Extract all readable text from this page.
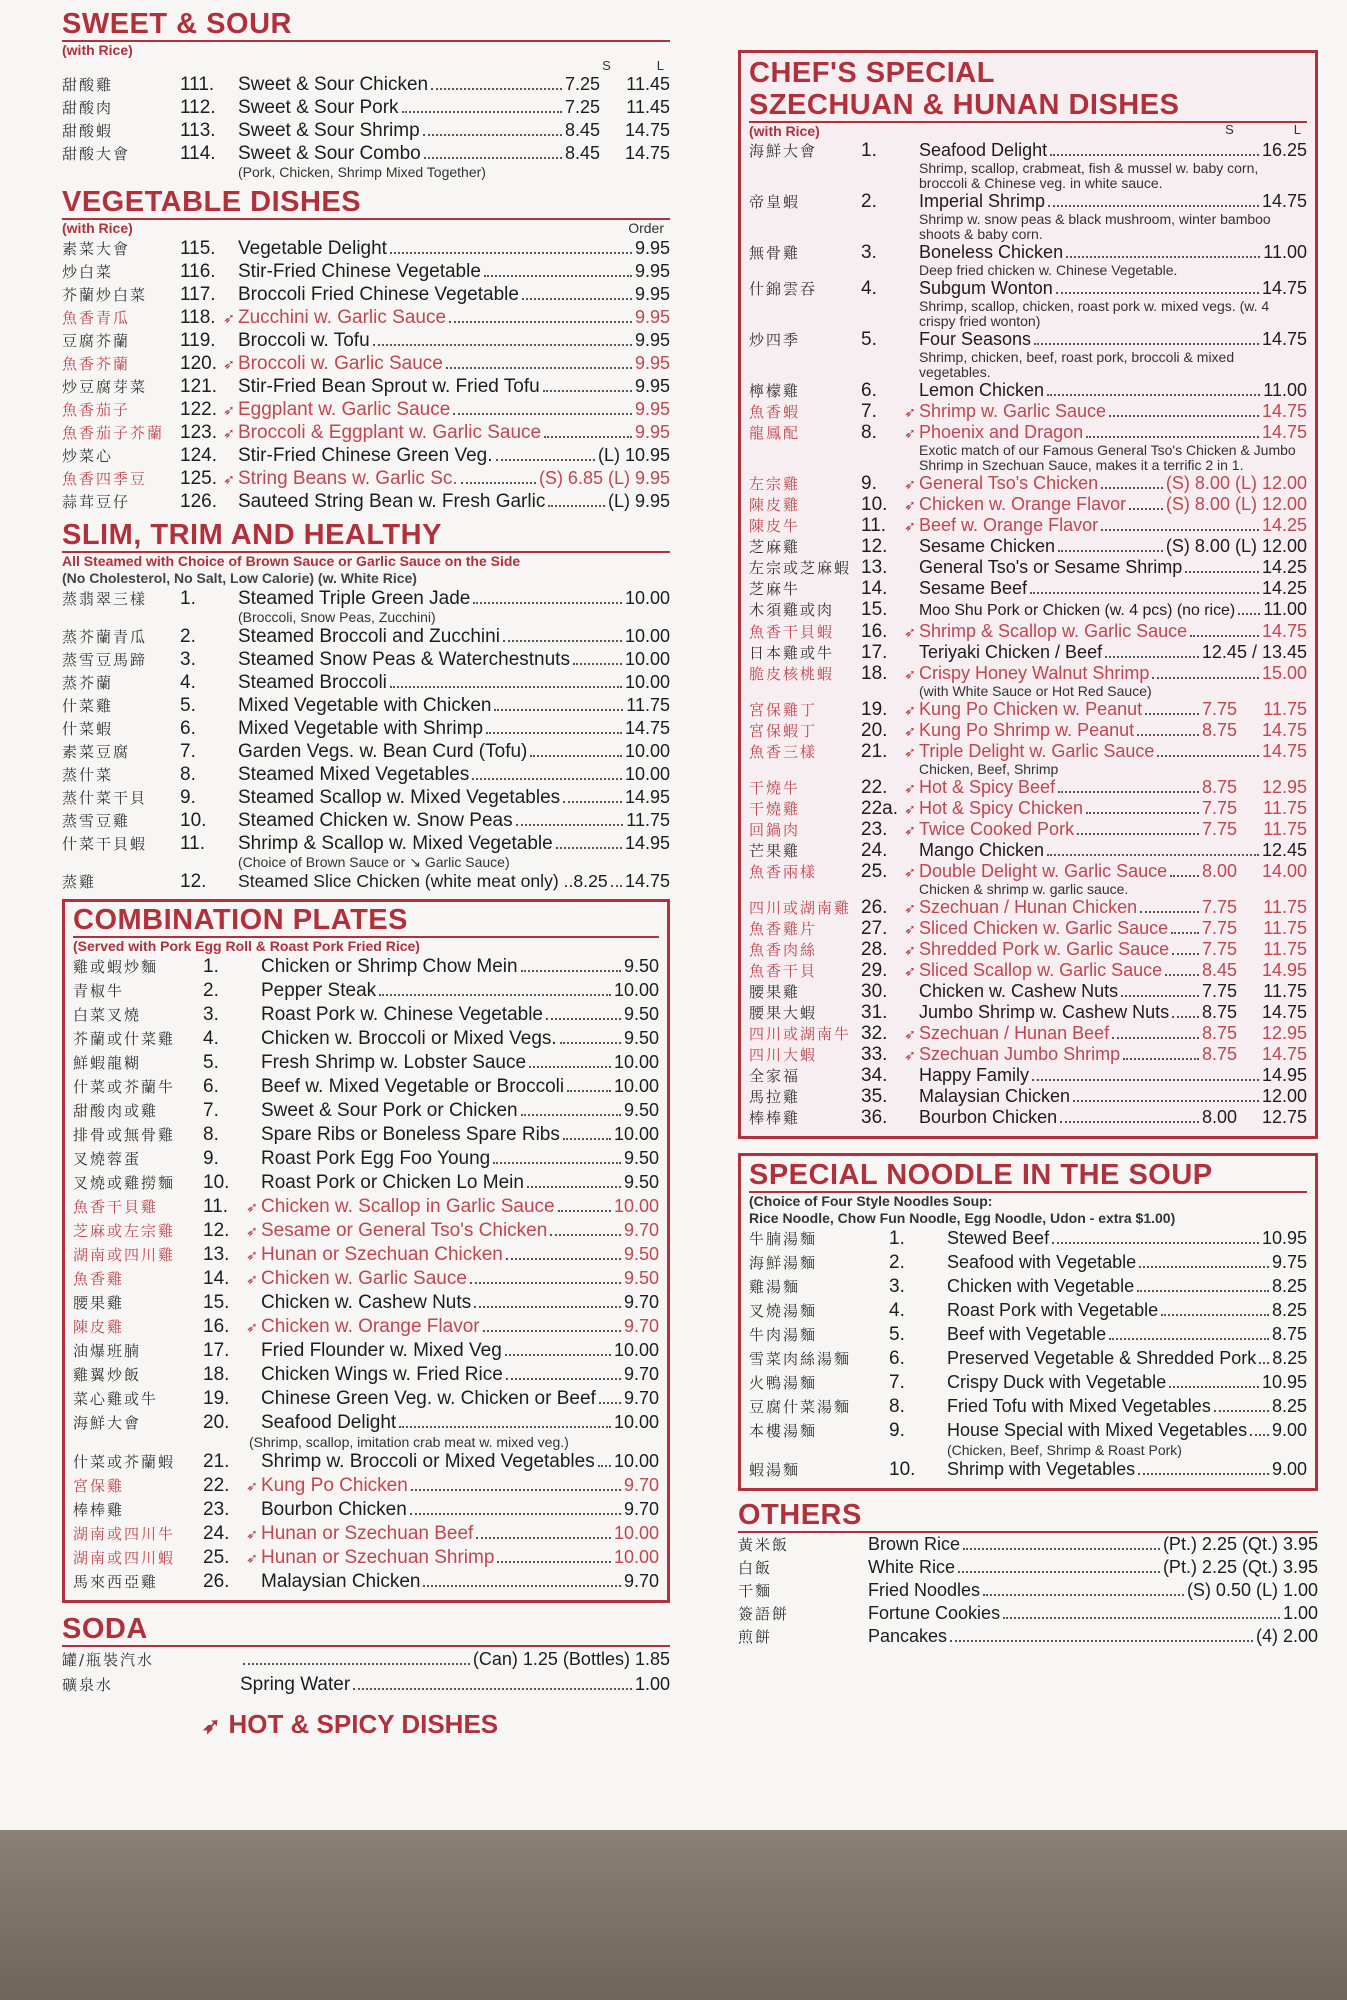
SWEET & SOUR
(with Rice)
S	L
甜酸雞	111.	Sweet & Sour Chicken	7.25	11.45
甜酸肉	112. Sweet & Sour Pork	7.25	11.45
甜酸蝦	113. Sweet & Sour Shrimp	8.45	14.75
甜酸大會	114. Sweet & Sour Combo	8.45	14.75
(Pork, Chicken, Shrimp Mixed Together)
VEGETABLE DISHES
(with Rice)	Order
素菜大會	115. Vegetable Delight	9.95
炒白菜	116. Stir-Fried Chinese Vegetable	9.95
芥蘭炒白菜	117. Broccoli Fried Chinese Vegetable	9.95
魚香青瓜	118. ➶ Zucchini w. Garlic Sauce	9.95
豆腐芥蘭	119. Broccoli w. Tofu	9.95
魚香芥蘭	120. ➶ Broccoli w. Garlic Sauce	9.95
炒豆腐芽菜	121. Stir-Fried Bean Sprout w. Fried Tofu	9.95
魚香茄子	122. ➶ Eggplant w. Garlic Sauce	9.95
魚香茄子芥蘭 123. ➶ Broccoli & Eggplant w. Garlic Sauce	9.95
炒菜心	124. Stir-Fried Chinese Green Veg.	(L) 10.95
魚香四季豆	125. ➶ String Beans w. Garlic Sc.	(S) 6.85 (L) 9.95
蒜茸豆仔	126. Sauteed String Bean w. Fresh Garlic	(L) 9.95
SLIM, TRIM AND HEALTHY
All Steamed with Choice of Brown Sauce or Garlic Sauce on the Side
(No Cholesterol, No Salt, Low Calorie) (w. White Rice)
蒸翡翠三樣	1.	Steamed Triple Green Jade	10.00
(Broccoli, Snow Peas, Zucchini)
蒸芥蘭青瓜	2.	Steamed Broccoli and Zucchini	10.00
蒸雪豆馬蹄	3.	Steamed Snow Peas & Waterchestnuts	10.00
蒸芥蘭	4.	Steamed Broccoli	10.00
什菜雞	5.	Mixed Vegetable with Chicken	11.75
什菜蝦	6.	Mixed Vegetable with Shrimp	14.75
素菜豆腐	7.	Garden Vegs. w. Bean Curd (Tofu)	10.00
蒸什菜	8.	Steamed Mixed Vegetables	10.00
蒸什菜干貝	9.	Steamed Scallop w. Mixed Vegetables	14.95
蒸雪豆雞	10.	Steamed Chicken w. Snow Peas	11.75
什菜干貝蝦	11.	Shrimp & Scallop w. Mixed Vegetable	14.95
(Choice of Brown Sauce or ↘ Garlic Sauce)
蒸雞	12.	Steamed Slice Chicken (white meat only) ..8.25 14.75
COMBINATION PLATES
(Served with Pork Egg Roll & Roast Pork Fried Rice)
雞或蝦炒麵	1.	Chicken or Shrimp Chow Mein	9.50
青椒牛	2.	Pepper Steak	10.00
白菜叉燒	3.	Roast Pork w. Chinese Vegetable	9.50
芥蘭或什菜雞	4.	Chicken w. Broccoli or Mixed Vegs.	9.50
鮮蝦龍糊	5.	Fresh Shrimp w. Lobster Sauce	10.00
什菜或芥蘭牛	6.	Beef w. Mixed Vegetable or Broccoli	10.00
甜酸肉或雞	7.	Sweet & Sour Pork or Chicken	9.50
排骨或無骨雞	8.	Spare Ribs or Boneless Spare Ribs	10.00
叉燒蓉蛋	9.	Roast Pork Egg Foo Young	9.50
叉燒或雞撈麵	10.	Roast Pork or Chicken Lo Mein	9.50
魚香干貝雞	11.	➶ Chicken w. Scallop in Garlic Sauce	10.00
芝麻或左宗雞	12.	➶ Sesame or General Tso's Chicken	9.70
湖南或四川雞	13.	➶ Hunan or Szechuan Chicken	9.50
魚香雞	14.	➶ Chicken w. Garlic Sauce	9.50
腰果雞	15.	Chicken w. Cashew Nuts	9.70
陳皮雞	16.	➶ Chicken w. Orange Flavor	9.70
油爆班腩	17.	Fried Flounder w. Mixed Veg	10.00
雞翼炒飯	18.	Chicken Wings w. Fried Rice	9.70
菜心雞或牛	19.	Chinese Green Veg. w. Chicken or Beef 9.70
海鮮大會	20.	Seafood Delight	10.00
(Shrimp, scallop, imitation crab meat w. mixed veg.)
什菜或芥蘭蝦	21.	Shrimp w. Broccoli or Mixed Vegetables 10.00
宮保雞	22.	➶ Kung Po Chicken	9.70
棒棒雞	23.	Bourbon Chicken	9.70
湖南或四川牛	24.	➶ Hunan or Szechuan Beef	10.00
湖南或四川蝦	25.	➶ Hunan or Szechuan Shrimp	10.00
馬來西亞雞	26.	Malaysian Chicken	9.70
SODA
罐/瓶裝汽水	(Can) 1.25 (Bottles) 1.85
礦泉水	Spring Water	1.00
➶ HOT & SPICY DISHES
CHEF'S SPECIAL
SZECHUAN & HUNAN DISHES
(with Rice)	S	L
海鮮大會	1.	Seafood Delight	16.25
Shrimp, scallop, crabmeat, fish & mussel w. baby corn, broccoli & Chinese veg. in white sauce.
帝皇蝦	2.	Imperial Shrimp	14.75
Shrimp w. snow peas & black mushroom, winter bamboo shoots & baby corn.
無骨雞	3.	Boneless Chicken	11.00
Deep fried chicken w. Chinese Vegetable.
什錦雲吞	4.	Subgum Wonton	14.75
Shrimp, scallop, chicken, roast pork w. mixed vegs. (w. 4 crispy fried wonton)
炒四季	5.	Four Seasons	14.75
Shrimp, chicken, beef, roast pork, broccoli & mixed vegetables.
檸檬雞	6.	Lemon Chicken	11.00
魚香蝦	7.	➶ Shrimp w. Garlic Sauce	14.75
龍鳳配	8.	➶ Phoenix and Dragon	14.75
Exotic match of our Famous General Tso's Chicken & Jumbo Shrimp in Szechuan Sauce, makes it a terrific 2 in 1.
左宗雞	9.	➶ General Tso's Chicken	(S) 8.00 (L) 12.00
陳皮雞	10.	➶ Chicken w. Orange Flavor (S) 8.00 (L) 12.00
陳皮牛	11.	➶ Beef w. Orange Flavor	14.25
芝麻雞	12.	Sesame Chicken	(S) 8.00 (L) 12.00
左宗或芝麻蝦 13.	General Tso's or Sesame Shrimp	14.25
芝麻牛	14.	Sesame Beef	14.25
木須雞或肉	15.	Moo Shu Pork or Chicken (w. 4 pcs) (no rice) 11.00
魚香干貝蝦	16.	➶ Shrimp & Scallop w. Garlic Sauce	14.75
日本雞或牛	17.	Teriyaki Chicken / Beef	12.45 / 13.45
脆皮核桃蝦	18.	➶ Crispy Honey Walnut Shrimp	15.00
(with White Sauce or Hot Red Sauce)
宮保雞丁	19.	➶ Kung Po Chicken w. Peanut	7.75	11.75
宮保蝦丁	20.	➶ Kung Po Shrimp w. Peanut	8.75	14.75
魚香三樣	21.	➶ Triple Delight w. Garlic Sauce	14.75
Chicken, Beef, Shrimp
干燒牛	22.	➶ Hot & Spicy Beef	8.75	12.95
干燒雞	22a. ➶ Hot & Spicy Chicken	7.75	11.75
回鍋肉	23.	➶ Twice Cooked Pork	7.75	11.75
芒果雞	24.	Mango Chicken	12.45
魚香兩樣	25.	➶ Double Delight w. Garlic Sauce 8.00	14.00
Chicken & shrimp w. garlic sauce.
四川或湖南雞 26.	➶ Szechuan / Hunan Chicken	7.75	11.75
魚香雞片	27.	➶ Sliced Chicken w. Garlic Sauce 7.75	11.75
魚香肉絲	28.	➶ Shredded Pork w. Garlic Sauce 7.75	11.75
魚香干貝	29.	➶ Sliced Scallop w. Garlic Sauce 8.45	14.95
腰果雞	30.	Chicken w. Cashew Nuts	7.75	11.75
腰果大蝦	31.	Jumbo Shrimp w. Cashew Nuts 8.75	14.75
四川或湖南牛 32.	➶ Szechuan / Hunan Beef	8.75	12.95
四川大蝦	33.	➶ Szechuan Jumbo Shrimp	8.75	14.75
全家福	34.	Happy Family	14.95
馬拉雞	35.	Malaysian Chicken	12.00
棒棒雞	36.	Bourbon Chicken	8.00	12.75
SPECIAL NOODLE IN THE SOUP
(Choice of Four Style Noodles Soup:
Rice Noodle, Chow Fun Noodle, Egg Noodle, Udon - extra $1.00)
牛腩湯麵	1.	Stewed Beef	10.95
海鮮湯麵	2.	Seafood with Vegetable	9.75
雞湯麵	3.	Chicken with Vegetable	8.25
叉燒湯麵	4.	Roast Pork with Vegetable	8.25
牛肉湯麵	5.	Beef with Vegetable	8.75
雪菜肉絲湯麵	6.	Preserved Vegetable & Shredded Pork 8.25
火鴨湯麵	7.	Crispy Duck with Vegetable	10.95
豆腐什菜湯麵	8.	Fried Tofu with Mixed Vegetables	8.25
本樓湯麵	9.	House Special with Mixed Vegetables 9.00
(Chicken, Beef, Shrimp & Roast Pork)
蝦湯麵	10.	Shrimp with Vegetables	9.00
OTHERS
黃米飯	Brown Rice	(Pt.) 2.25 (Qt.) 3.95
白飯	White Rice	(Pt.) 2.25 (Qt.) 3.95
干麵	Fried Noodles	(S) 0.50 (L) 1.00
簽語餅	Fortune Cookies	1.00
煎餅	Pancakes	(4) 2.00
